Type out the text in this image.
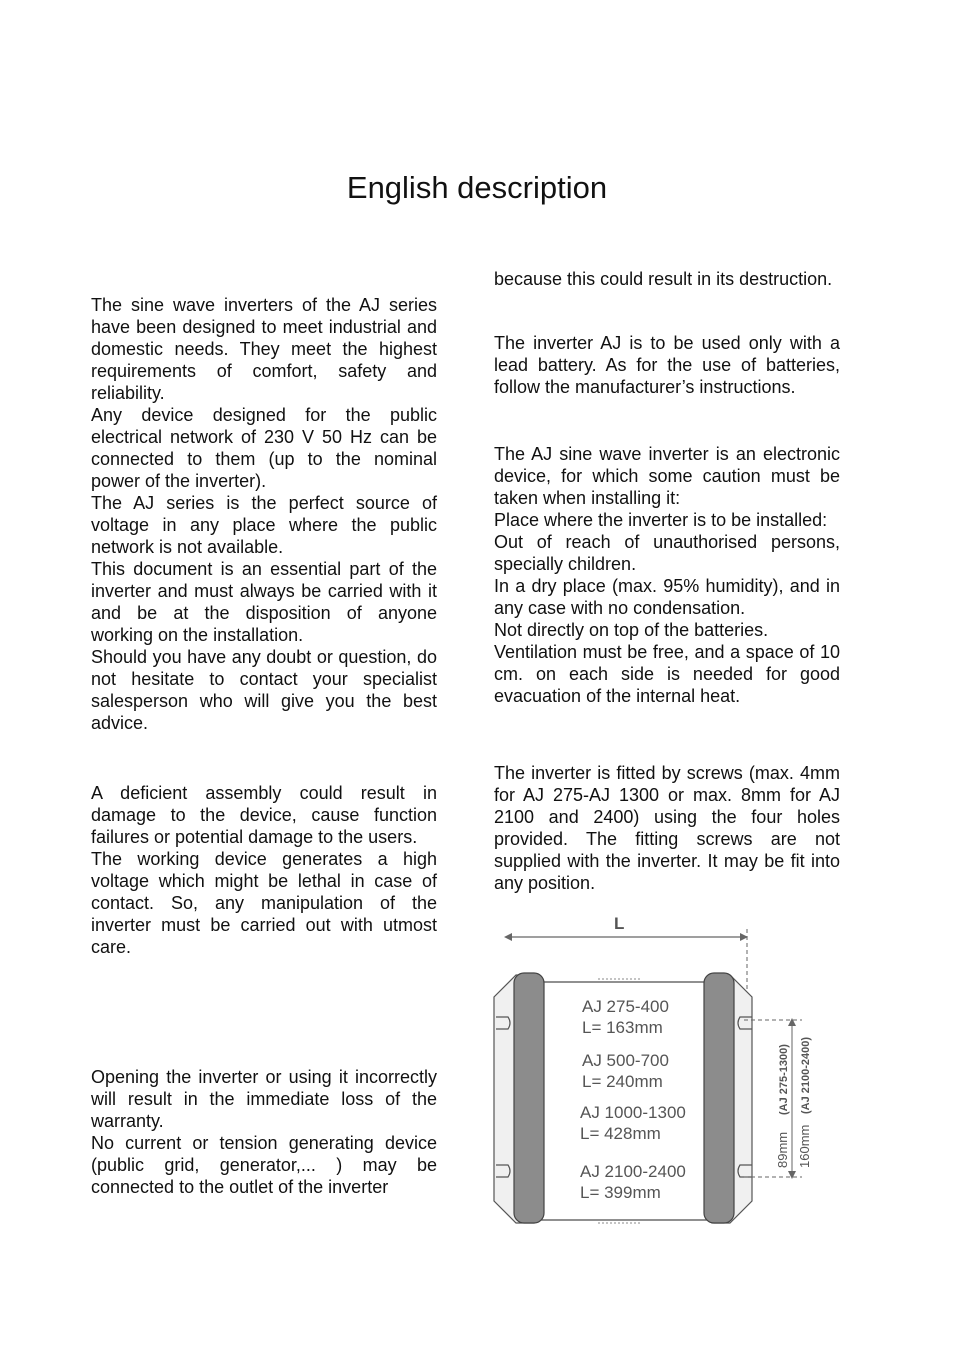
English description

The sine wave inverters of the AJ series have been designed to meet industrial and domestic needs. They meet the highest requirements of comfort, safety and reliability.

Any device designed for the public electrical network of 230 V 50 Hz can be connected to them (up to the nominal power of the inverter).

The AJ series is the perfect source of voltage in any place where the public network is not available.

This document is an essential part of the inverter and must always be carried with it and be at the disposition of anyone working on the installation.

Should you have any doubt or question, do not hesitate to contact your specialist salesperson who will give you the best advice.

A deficient assembly could result in damage to the device, cause function failures or potential damage to the users.

The working device generates a high voltage which might be lethal in case of contact. So, any manipulation of the inverter must be carried out with utmost care.

Opening the inverter or using it incorrectly will result in the immediate loss of the warranty.

No current or tension generating device (public grid, generator,... ) may be connected to the outlet of the inverter

because this could result in its destruction.

The inverter AJ is to be used only with a lead battery. As for the use of batteries, follow the manufacturer’s instructions.

The AJ sine wave inverter is an electronic device, for which some caution must be taken when installing it:

Place where the inverter is to be installed:

Out of reach of unauthorised persons, specially children.

In a dry place (max. 95% humidity), and in any case with no condensation.

Not directly on top of the batteries.

Ventilation must be free, and a space of 10 cm. on each side is needed for good evacuation of the internal heat.

The inverter is fitted by screws (max. 4mm for AJ 275-AJ 1300 or max. 8mm for AJ 2100 and 2400) using the four holes provided. The fitting screws are not supplied with the inverter. It may be fit into any position.

L
AJ 275-400
L= 163mm
AJ 500-700
L= 240mm
AJ 1000-1300
L= 428mm
AJ 2100-2400
L= 399mm
89mm
(AJ 275-1300)
160mm
(AJ 2100-2400)
